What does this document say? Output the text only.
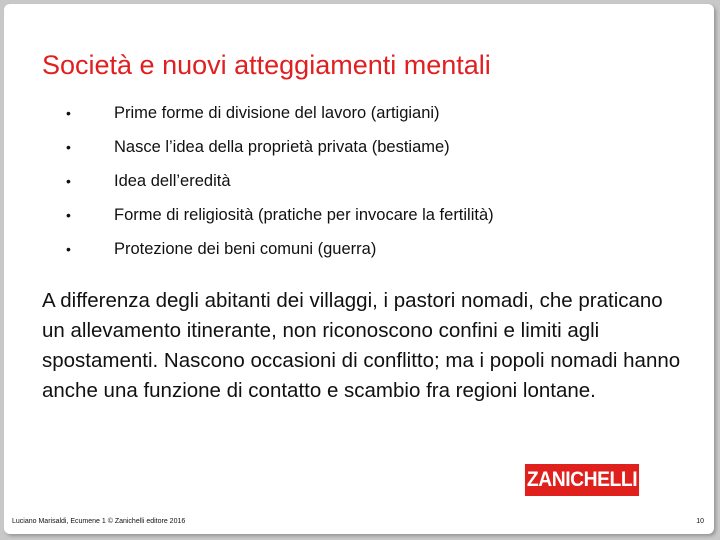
Società e nuovi atteggiamenti mentali
•	Prime forme di divisione del lavoro (artigiani)
•	Nasce l’idea della proprietà privata (bestiame)
•	Idea dell’eredità
•	Forme di religiosità (pratiche per invocare la fertilità)
•	Protezione dei beni comuni (guerra)

A differenza degli abitanti dei villaggi, i pastori nomadi, che praticano un allevamento itinerante, non riconoscono confini e limiti agli spostamenti. Nascono occasioni di conflitto; ma i popoli nomadi hanno anche una funzione di contatto e scambio fra regioni lontane.

ZANICHELLI
Luciano Marisaldi, Ecumene 1 © Zanichelli editore 2016	10
